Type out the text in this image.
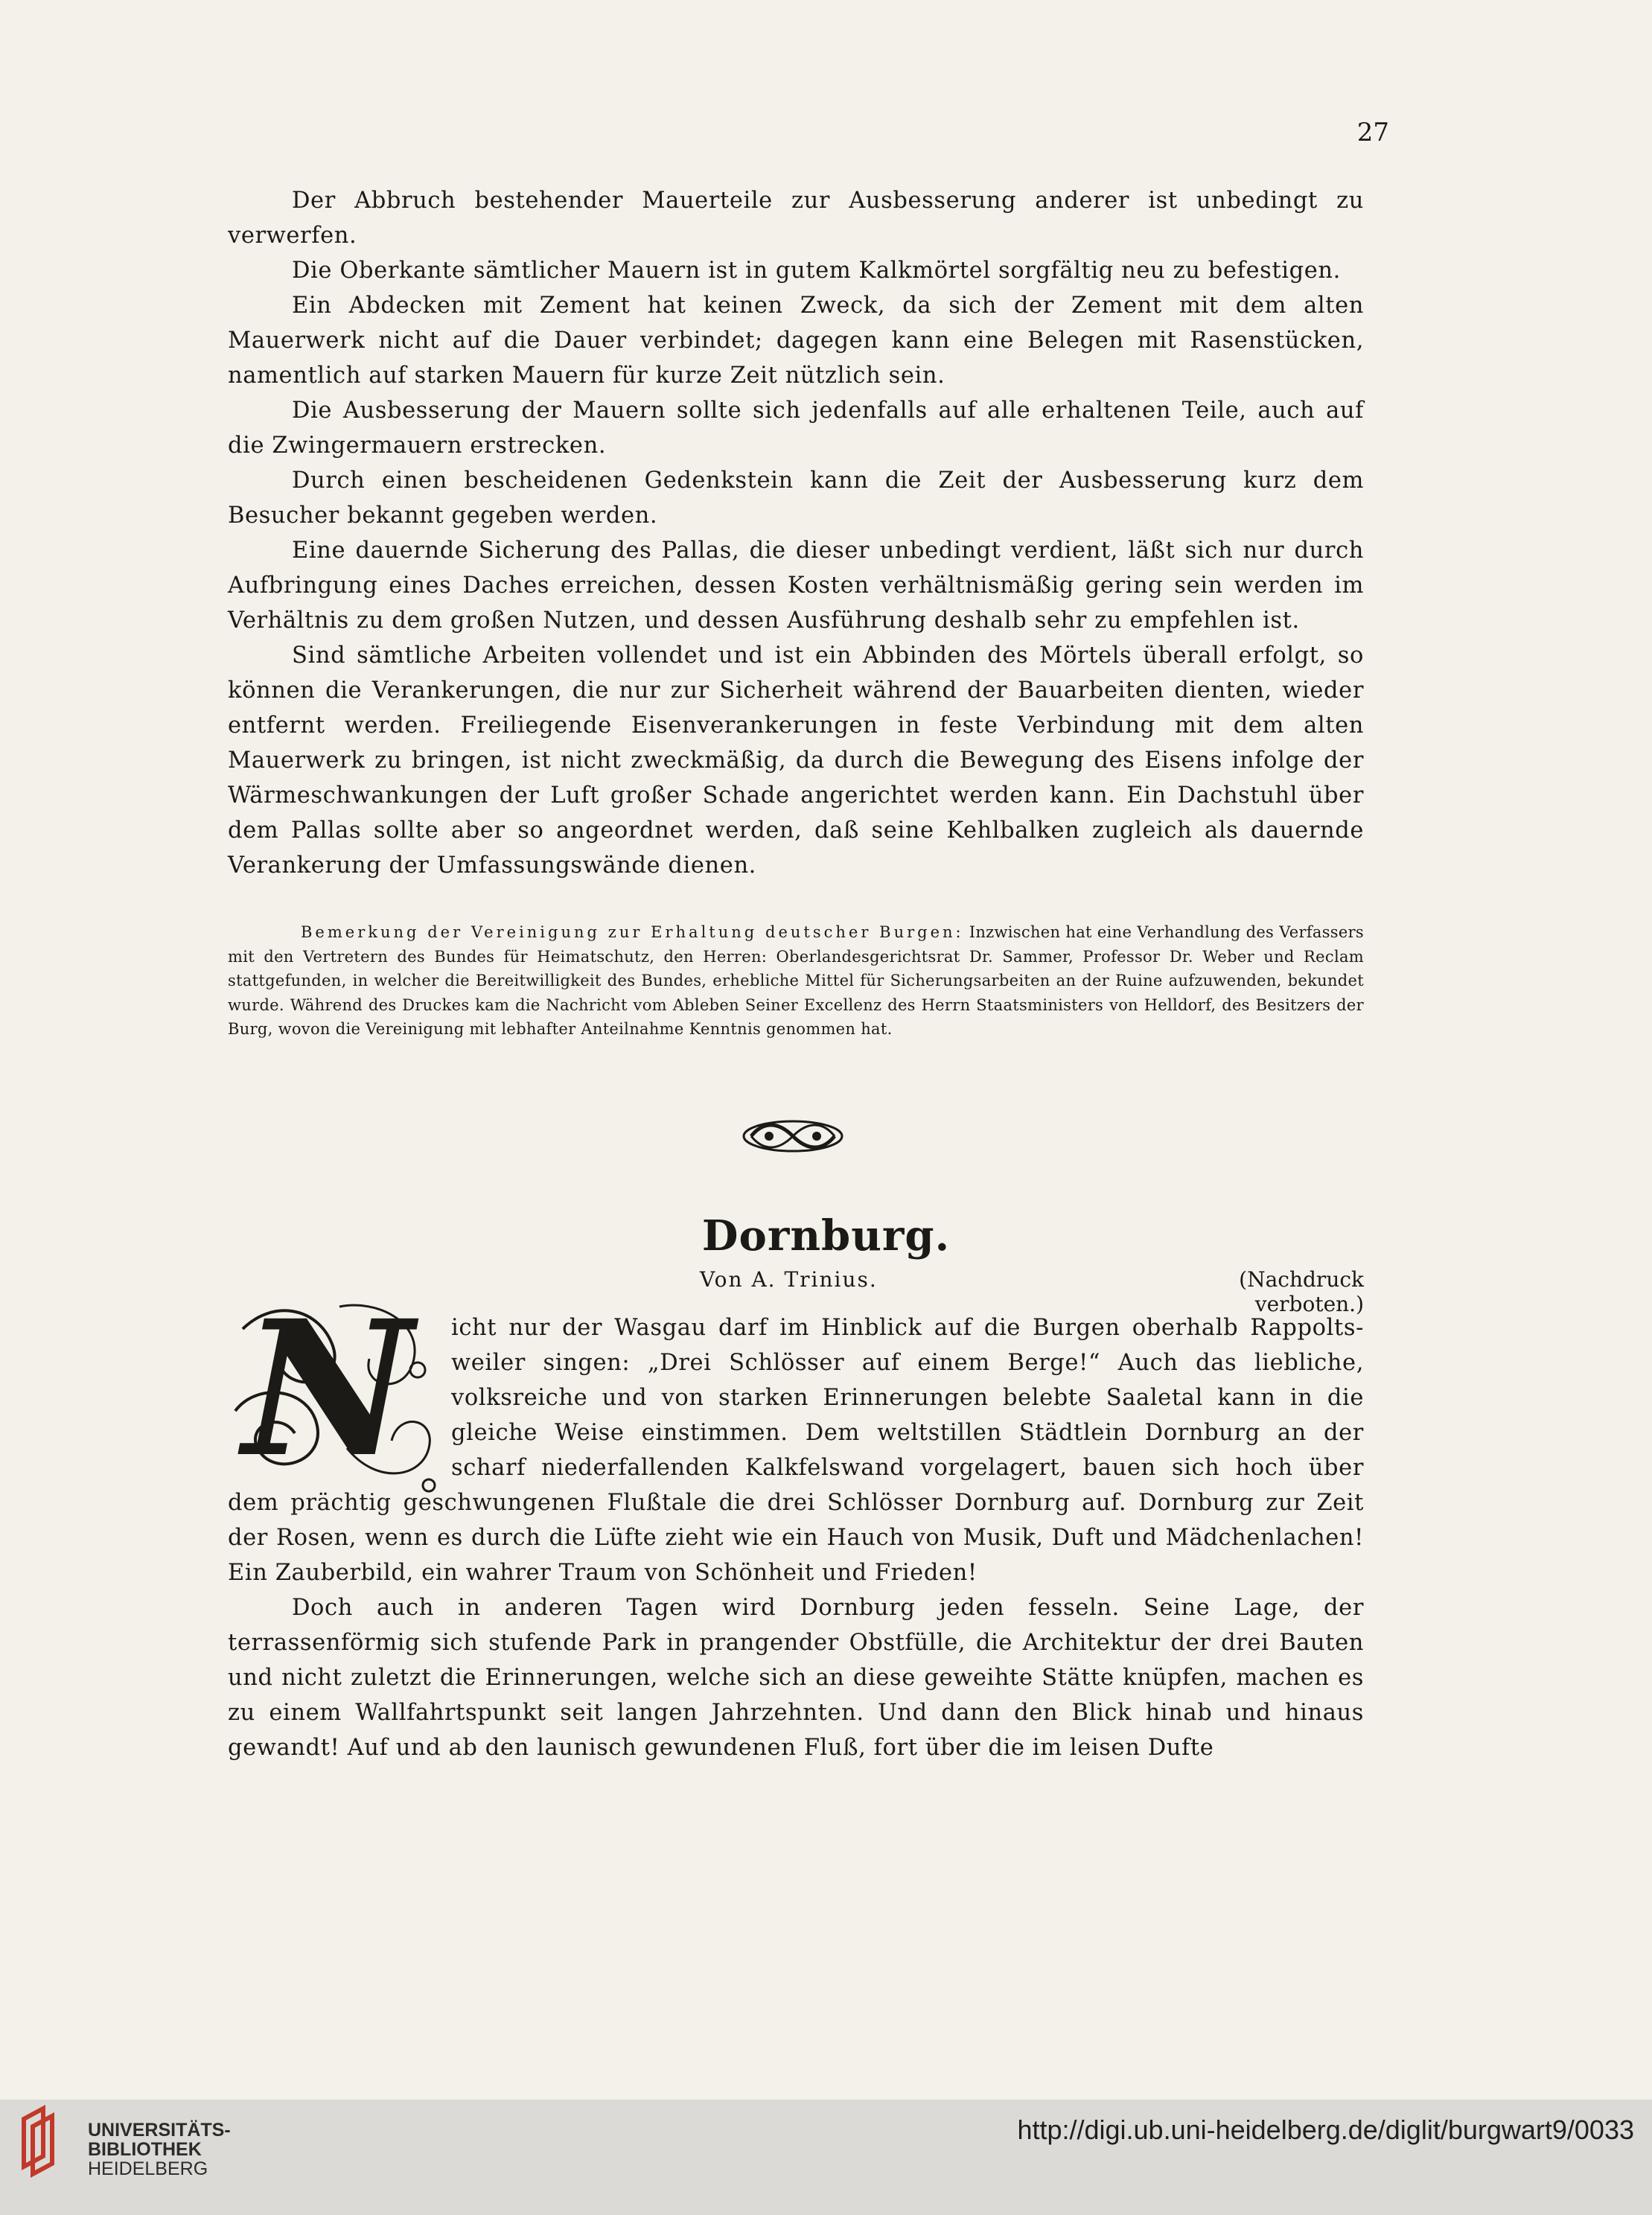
27

Der Abbruch bestehender Mauerteile zur Ausbesserung anderer ist unbedingt zu verwerfen.

Die Oberkante sämtlicher Mauern ist in gutem Kalkmörtel sorgfältig neu zu befestigen.

Ein Abdecken mit Zement hat keinen Zweck, da sich der Zement mit dem alten Mauerwerk nicht auf die Dauer verbindet; dagegen kann eine Belegen mit Rasenstücken, namentlich auf starken Mauern für kurze Zeit nützlich sein.

Die Ausbesserung der Mauern sollte sich jedenfalls auf alle erhaltenen Teile, auch auf die Zwingermauern erstrecken.

Durch einen bescheidenen Gedenkstein kann die Zeit der Ausbesserung kurz dem Besucher bekannt gegeben werden.

Eine dauernde Sicherung des Pallas, die dieser unbedingt verdient, läßt sich nur durch Aufbringung eines Daches erreichen, dessen Kosten verhältnismäßig gering sein werden im Verhältnis zu dem großen Nutzen, und dessen Ausführung deshalb sehr zu empfehlen ist.

Sind sämtliche Arbeiten vollendet und ist ein Abbinden des Mörtels überall erfolgt, so können die Verankerungen, die nur zur Sicherheit während der Bauarbeiten dienten, wieder entfernt werden. Freiliegende Eisenverankerungen in feste Verbindung mit dem alten Mauerwerk zu bringen, ist nicht zweckmäßig, da durch die Bewegung des Eisens infolge der Wärmeschwankungen der Luft großer Schade angerichtet werden kann. Ein Dachstuhl über dem Pallas sollte aber so angeordnet werden, daß seine Kehlbalken zugleich als dauernde Verankerung der Umfassungswände dienen.

Bemerkung der Vereinigung zur Erhaltung deutscher Burgen: Inzwischen hat eine Verhandlung des Verfassers mit den Vertretern des Bundes für Heimatschutz, den Herren: Oberlandesgerichtsrat Dr. Sammer, Professor Dr. Weber und Reclam stattgefunden, in welcher die Bereitwilligkeit des Bundes, erhebliche Mittel für Sicherungsarbeiten an der Ruine aufzuwenden, bekundet wurde. Während des Druckes kam die Nachricht vom Ableben Seiner Excellenz des Herrn Staatsministers von Helldorf, des Besitzers der Burg, wovon die Vereinigung mit lebhafter Anteilnahme Kenntnis genommen hat.
Dornburg.
Von A. Trinius.	(Nachdruck verboten.)
N icht nur der Wasgau darf im Hinblick auf die Burgen oberhalb Rappolts-
weiler singen: „Drei Schlösser auf einem Berge!“ Auch das liebliche,
volksreiche und von starken Erinnerungen belebte Saaletal kann in die
gleiche Weise einstimmen. Dem weltstillen Städtlein Dornburg an der
scharf niederfallenden Kalkfelswand vorgelagert, bauen sich hoch über

dem prächtig geschwungenen Flußtale die drei Schlösser Dornburg auf. Dornburg zur Zeit der Rosen, wenn es durch die Lüfte zieht wie ein Hauch von Musik, Duft und Mädchenlachen! Ein Zauberbild, ein wahrer Traum von Schönheit und Frieden!

Doch auch in anderen Tagen wird Dornburg jeden fesseln. Seine Lage, der terrassenförmig sich stufende Park in prangender Obstfülle, die Architektur der drei Bauten und nicht zuletzt die Erinnerungen, welche sich an diese geweihte Stätte knüpfen, machen es zu einem Wallfahrtspunkt seit langen Jahrzehnten. Und dann den Blick hinab und hinaus gewandt! Auf und ab den launisch gewundenen Fluß, fort über die im leisen Dufte

UNIVERSITÄTS-
BIBLIOTHEK
HEIDELBERG
http://digi.ub.uni-heidelberg.de/diglit/burgwart9/0033
